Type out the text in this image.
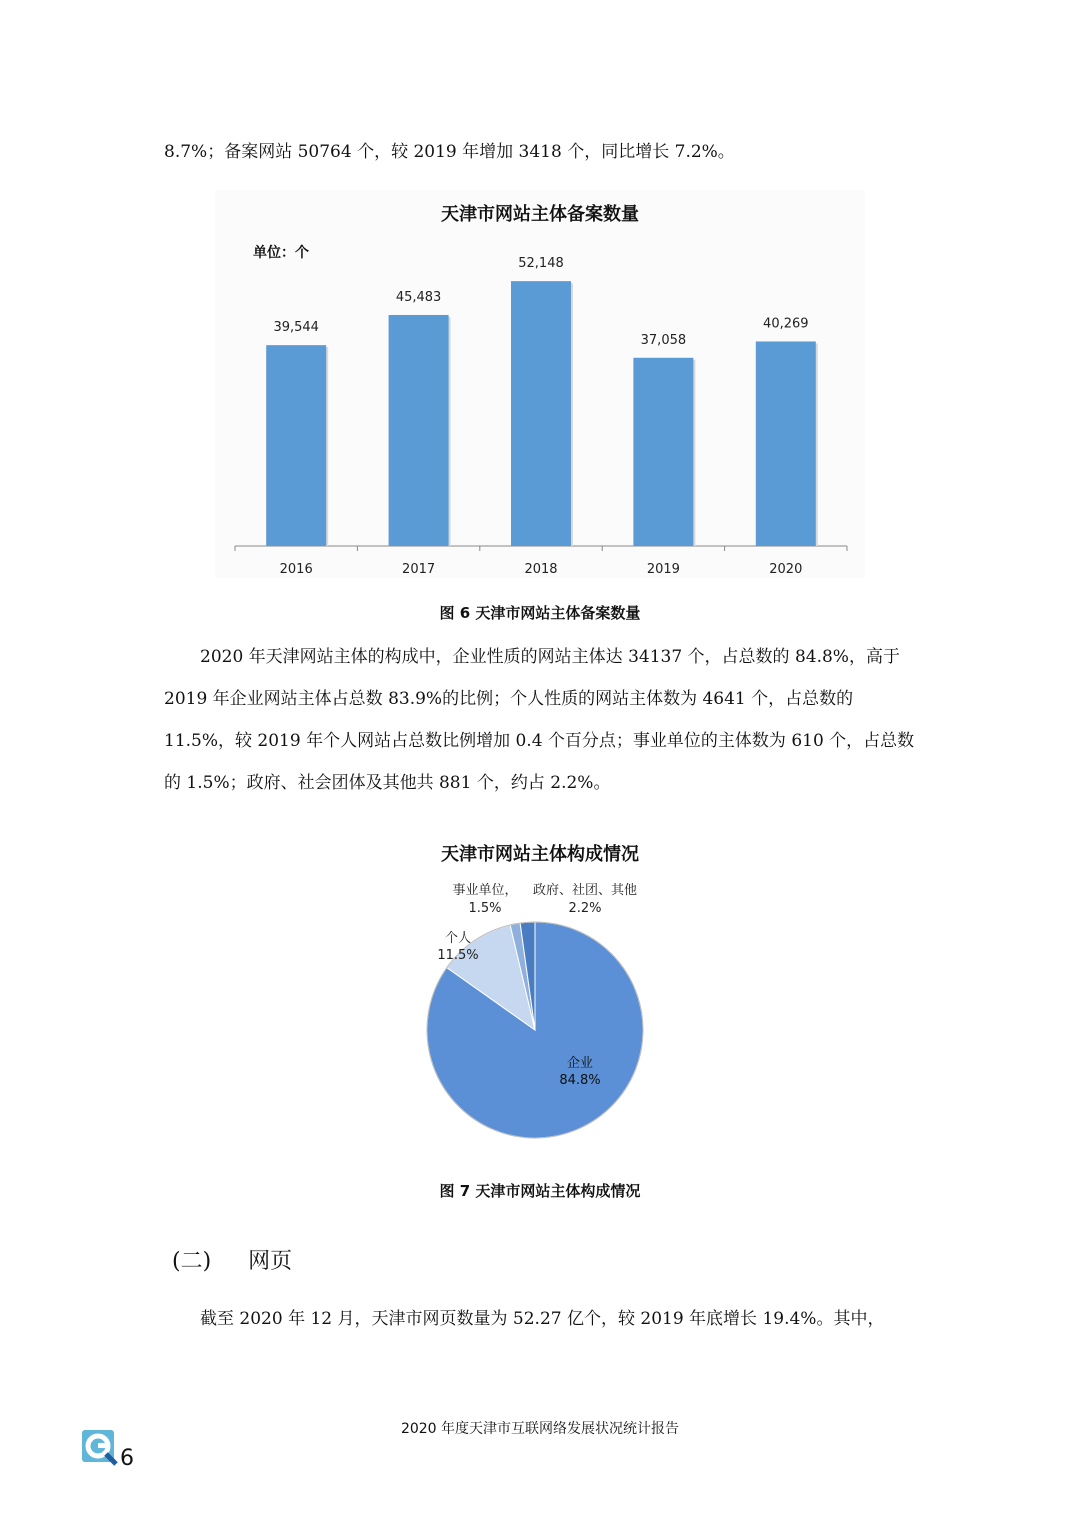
8.7%；备案网站 50764 个，较 2019 年增加 3418 个，同比增长 7.2%。

天津市网站主体备案数量
单位：个
39,544
2016
45,483
2017
52,148
2018
37,058
2019
40,269
2020
图 6 天津市网站主体备案数量

2020 年天津网站主体的构成中，企业性质的网站主体达 34137 个，占总数的 84.8%，高于 2019 年企业网站主体占总数 83.9%的比例；个人性质的网站主体数为 4641 个，占总数的 11.5%，较 2019 年个人网站占总数比例增加 0.4 个百分点；事业单位的主体数为 610 个，占总数的 1.5%；政府、社会团体及其他共 881 个，约占 2.2%。

天津市网站主体构成情况
企业
84.8%
个人
11.5%
事业单位，
1.5%
政府、社团、其他
2.2%
图 7 天津市网站主体构成情况
(二) 网页

截至 2020 年 12 月，天津市网页数量为 52.27 亿个，较 2019 年底增长 19.4%。其中，

2020 年度天津市互联网络发展状况统计报告
6
